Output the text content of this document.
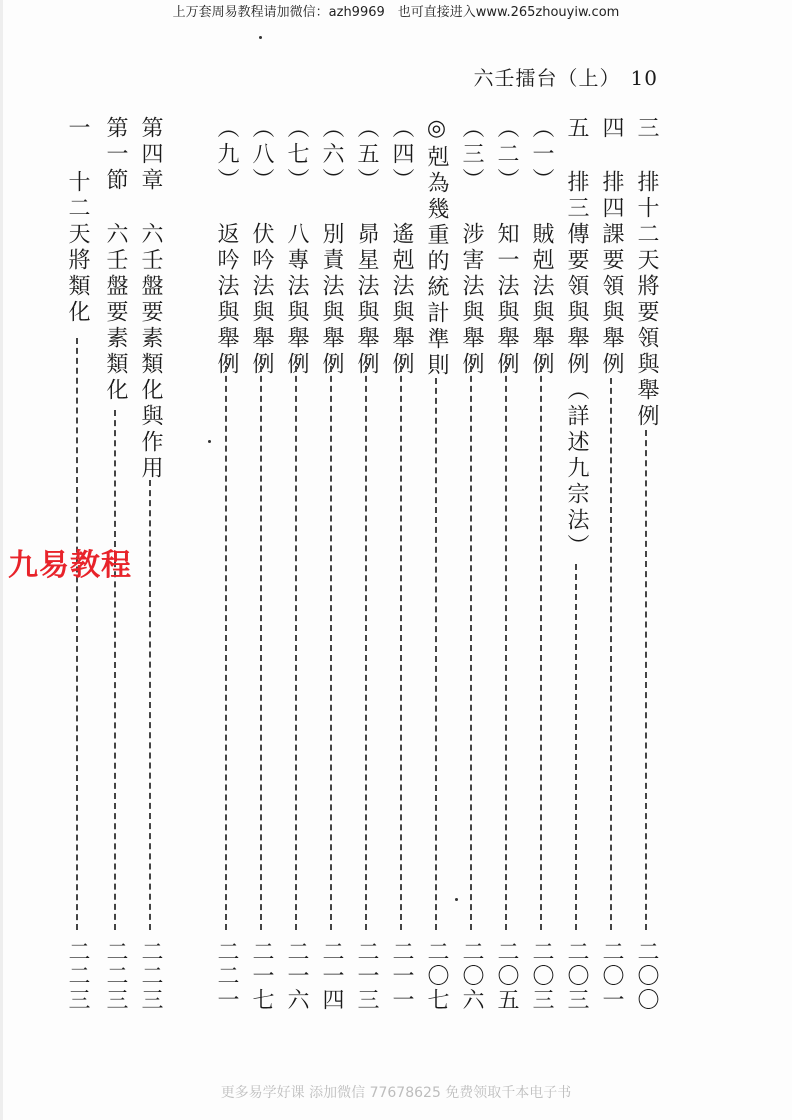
上万套周易教程请加微信：azh9969　也可直接进入www.265zhouyiw.com
六壬擂台（上） 10
三排十二天將要領與舉例
二〇〇
四排四課要領與舉例
二〇一
五排三傳要領與舉例（詳述九宗法）
二〇三
（一）賊剋法與舉例
二〇三
（二）知一法與舉例
二〇五
（三）涉害法與舉例
二〇六
◎剋為幾重的統計準則
二〇七
（四）遙剋法與舉例
二一一
（五）昴星法與舉例
二一三
（六）別責法與舉例
二一四
（七）八專法與舉例
二一六
（八）伏吟法與舉例
二一七
（九）返吟法與舉例
二二一
第四章六壬盤要素類化與作用
二二三
第一節六壬盤要素類化
二二三
一十二天將類化
二二三
九易教程
更多易学好课 添加微信 77678625 免费领取千本电子书
